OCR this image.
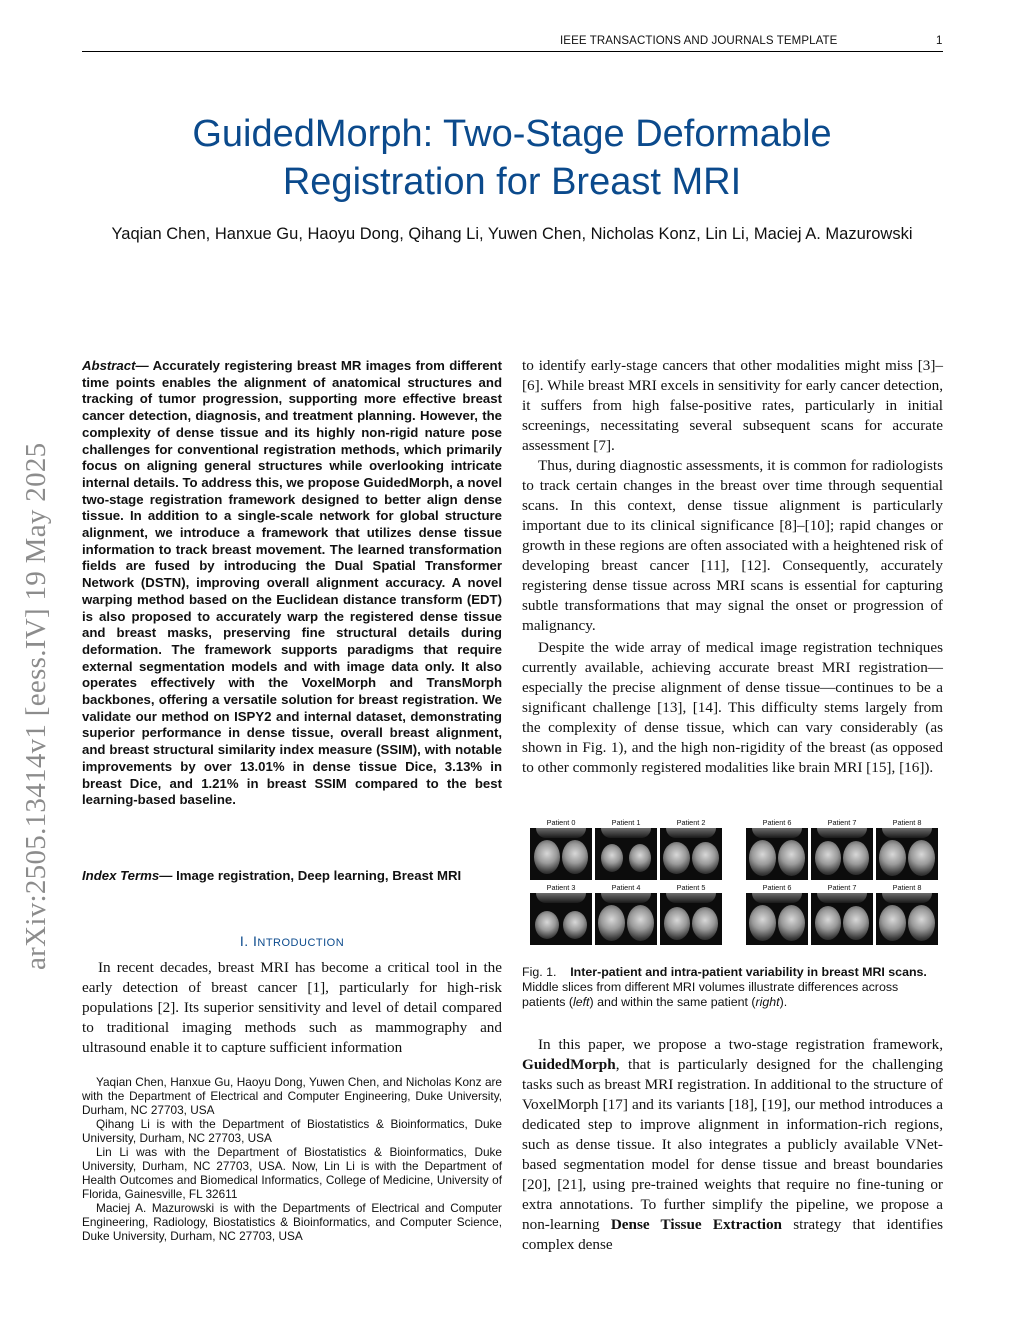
IEEE TRANSACTIONS AND JOURNALS TEMPLATE	1
GuidedMorph: Two-Stage Deformable Registration for Breast MRI
Yaqian Chen, Hanxue Gu, Haoyu Dong, Qihang Li, Yuwen Chen, Nicholas Konz, Lin Li, Maciej A. Mazurowski
arXiv:2505.13414v1 [eess.IV] 19 May 2025

Abstract— Accurately registering breast MR images from different time points enables the alignment of anatomical structures and tracking of tumor progression, supporting more effective breast cancer detection, diagnosis, and treatment planning. However, the complexity of dense tissue and its highly non-rigid nature pose challenges for conventional registration methods, which primarily focus on aligning general structures while overlooking intricate internal details. To address this, we propose GuidedMorph, a novel two-stage registration framework designed to better align dense tissue. In addition to a single-scale network for global structure alignment, we introduce a framework that utilizes dense tissue information to track breast movement. The learned transformation fields are fused by introducing the Dual Spatial Transformer Network (DSTN), improving overall alignment accuracy. A novel warping method based on the Euclidean distance transform (EDT) is also proposed to accurately warp the registered dense tissue and breast masks, preserving fine structural details during deformation. The framework supports paradigms that require external segmentation models and with image data only. It also operates effectively with the VoxelMorph and TransMorph backbones, offering a versatile solution for breast registration. We validate our method on ISPY2 and internal dataset, demonstrating superior performance in dense tissue, overall breast alignment, and breast structural similarity index measure (SSIM), with notable improvements by over 13.01% in dense tissue Dice, 3.13% in breast Dice, and 1.21% in breast SSIM compared to the best learning-based baseline.

Index Terms— Image registration, Deep learning, Breast MRI

I. INTRODUCTION

In recent decades, breast MRI has become a critical tool in the early detection of breast cancer [1], particularly for high-risk populations [2]. Its superior sensitivity and level of detail compared to traditional imaging methods such as mammography and ultrasound enable it to capture sufficient information

Yaqian Chen, Hanxue Gu, Haoyu Dong, Yuwen Chen, and Nicholas Konz are with the Department of Electrical and Computer Engineering, Duke University, Durham, NC 27703, USA

Qihang Li is with the Department of Biostatistics & Bioinformatics, Duke University, Durham, NC 27703, USA

Lin Li was with the Department of Biostatistics & Bioinformatics, Duke University, Durham, NC 27703, USA. Now, Lin Li is with the Department of Health Outcomes and Biomedical Informatics, College of Medicine, University of Florida, Gainesville, FL 32611

Maciej A. Mazurowski is with the Departments of Electrical and Computer Engineering, Radiology, Biostatistics & Bioinformatics, and Computer Science, Duke University, Durham, NC 27703, USA

to identify early-stage cancers that other modalities might miss [3]–[6]. While breast MRI excels in sensitivity for early cancer detection, it suffers from high false-positive rates, particularly in initial screenings, necessitating several subsequent scans for accurate assessment [7].

Thus, during diagnostic assessments, it is common for radiologists to track certain changes in the breast over time through sequential scans. In this context, dense tissue alignment is particularly important due to its clinical significance [8]–[10]; rapid changes or growth in these regions are often associated with a heightened risk of developing breast cancer [11], [12]. Consequently, accurately registering dense tissue across MRI scans is essential for capturing subtle transformations that may signal the onset or progression of malignancy.

Despite the wide array of medical image registration techniques currently available, achieving accurate breast MRI registration—especially the precise alignment of dense tissue—continues to be a significant challenge [13], [14]. This difficulty stems largely from the complexity of dense tissue, which can vary considerably (as shown in Fig. 1), and the high non-rigidity of the breast (as opposed to other commonly registered modalities like brain MRI [15], [16]).

Patient 0	Patient 1	Patient 2	Patient 6	Patient 7	Patient 8
Patient 3	Patient 4	Patient 5	Patient 6	Patient 7	Patient 8

Fig. 1. Inter-patient and intra-patient variability in breast MRI scans. Middle slices from different MRI volumes illustrate differences across patients (left) and within the same patient (right).

In this paper, we propose a two-stage registration framework, GuidedMorph, that is particularly designed for the challenging tasks such as breast MRI registration. In additional to the structure of VoxelMorph [17] and its variants [18], [19], our method introduces a dedicated step to improve alignment in information-rich regions, such as dense tissue. It also integrates a publicly available VNet-based segmentation model for dense tissue and breast boundaries [20], [21], using pre-trained weights that require no fine-tuning or extra annotations. To further simplify the pipeline, we propose a non-learning Dense Tissue Extraction strategy that identifies complex dense
